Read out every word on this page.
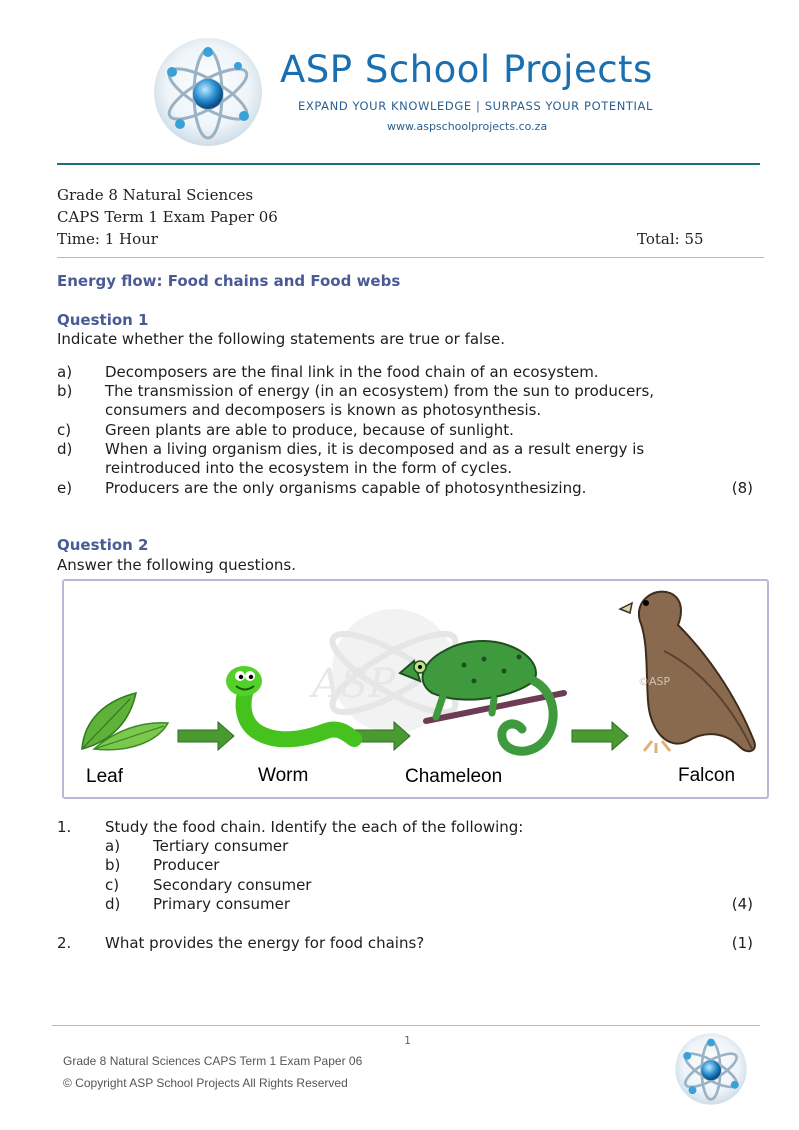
ASP School Projects
EXPAND YOUR KNOWLEDGE | SURPASS YOUR POTENTIAL
www.aspschoolprojects.co.za
Grade 8 Natural Sciences
CAPS Term 1 Exam Paper 06
Time: 1 Hour	Total: 55
Energy flow: Food chains and Food webs
Question 1
Indicate whether the following statements are true or false.
a) Decomposers are the final link in the food chain of an ecosystem.
b) The transmission of energy (in an ecosystem) from the sun to producers,
consumers and decomposers is known as photosynthesis.
c) Green plants are able to produce, because of sunlight.
d) When a living organism dies, it is decomposed and as a result energy is
reintroduced into the ecosystem in the form of cycles.
e) Producers are the only organisms capable of photosynthesizing.	(8)
Question 2
Answer the following questions.
ASP	©ASP
Leaf	Worm	Chameleon	Falcon
1. Study the food chain. Identify the each of the following:
a) Tertiary consumer
b) Producer
c) Secondary consumer
d) Primary consumer	(4)
2. What provides the energy for food chains?	(1)
1
Grade 8 Natural Sciences CAPS Term 1 Exam Paper 06
© Copyright ASP School Projects All Rights Reserved
